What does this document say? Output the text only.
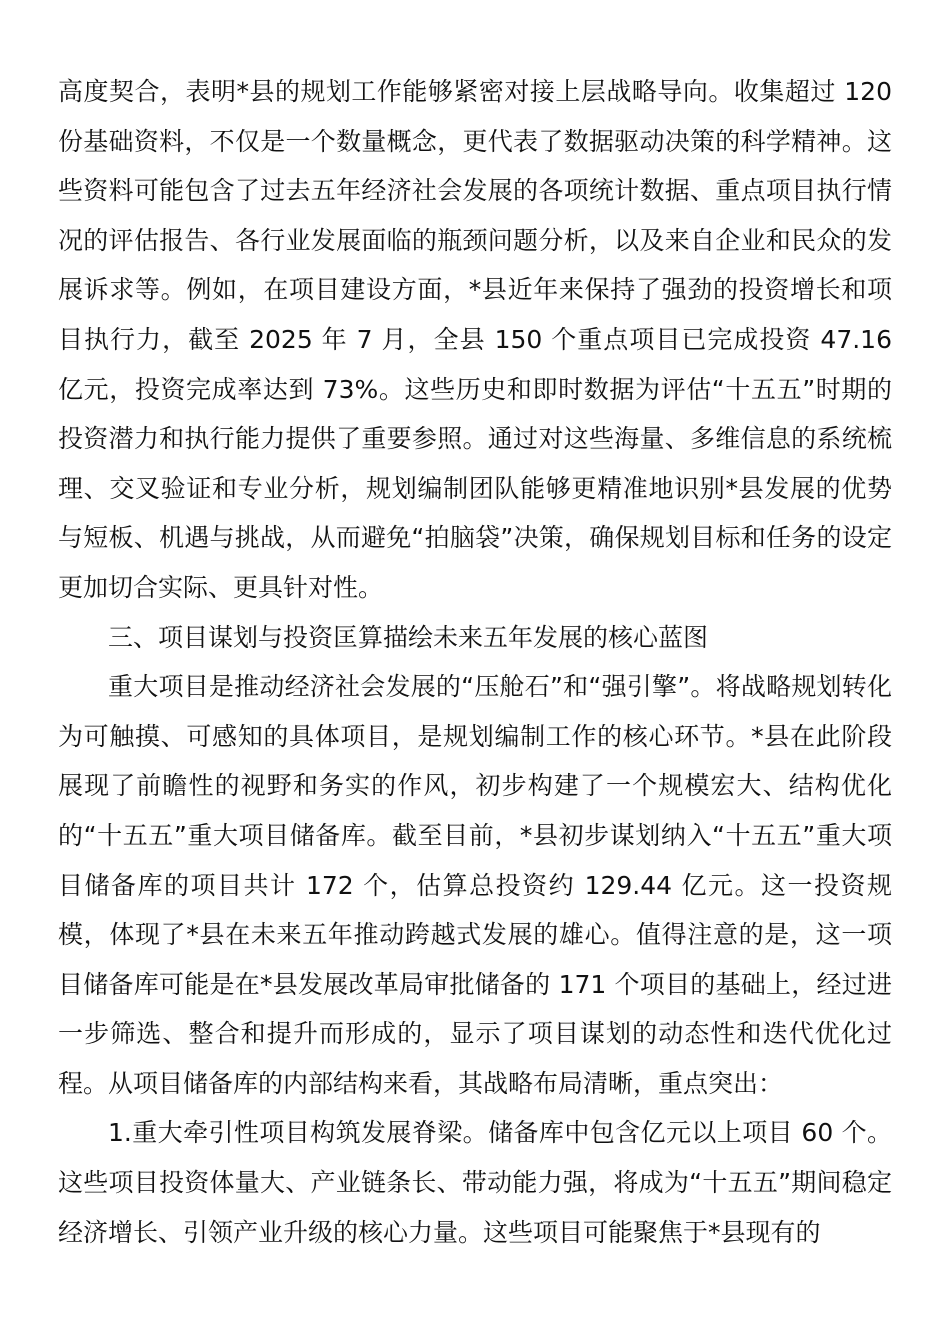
高度契合，表明*县的规划工作能够紧密对接上层战略导向。收集超过 120 份基础资料，不仅是一个数量概念，更代表了数据驱动决策的科学精神。这些资料可能包含了过去五年经济社会发展的各项统计数据、重点项目执行情况的评估报告、各行业发展面临的瓶颈问题分析，以及来自企业和民众的发展诉求等。例如，在项目建设方面，*县近年来保持了强劲的投资增长和项目执行力，截至 2025 年 7 月，全县 150 个重点项目已完成投资 47.16 亿元，投资完成率达到 73%。这些历史和即时数据为评估“十五五”时期的投资潜力和执行能力提供了重要参照。通过对这些海量、多维信息的系统梳理、交叉验证和专业分析，规划编制团队能够更精准地识别*县发展的优势与短板、机遇与挑战，从而避免“拍脑袋”决策，确保规划目标和任务的设定更加切合实际、更具针对性。

三、项目谋划与投资匡算描绘未来五年发展的核心蓝图

重大项目是推动经济社会发展的“压舱石”和“强引擎”。将战略规划转化为可触摸、可感知的具体项目，是规划编制工作的核心环节。*县在此阶段展现了前瞻性的视野和务实的作风，初步构建了一个规模宏大、结构优化的“十五五”重大项目储备库。截至目前，*县初步谋划纳入“十五五”重大项目储备库的项目共计 172 个，估算总投资约 129.44 亿元。这一投资规模，体现了*县在未来五年推动跨越式发展的雄心。值得注意的是，这一项目储备库可能是在*县发展改革局审批储备的 171 个项目的基础上，经过进一步筛选、整合和提升而形成的，显示了项目谋划的动态性和迭代优化过程。从项目储备库的内部结构来看，其战略布局清晰，重点突出：

1.重大牵引性项目构筑发展脊梁。储备库中包含亿元以上项目 60 个。这些项目投资体量大、产业链条长、带动能力强，将成为“十五五”期间稳定经济增长、引领产业升级的核心力量。这些项目可能聚焦于*县现有的
